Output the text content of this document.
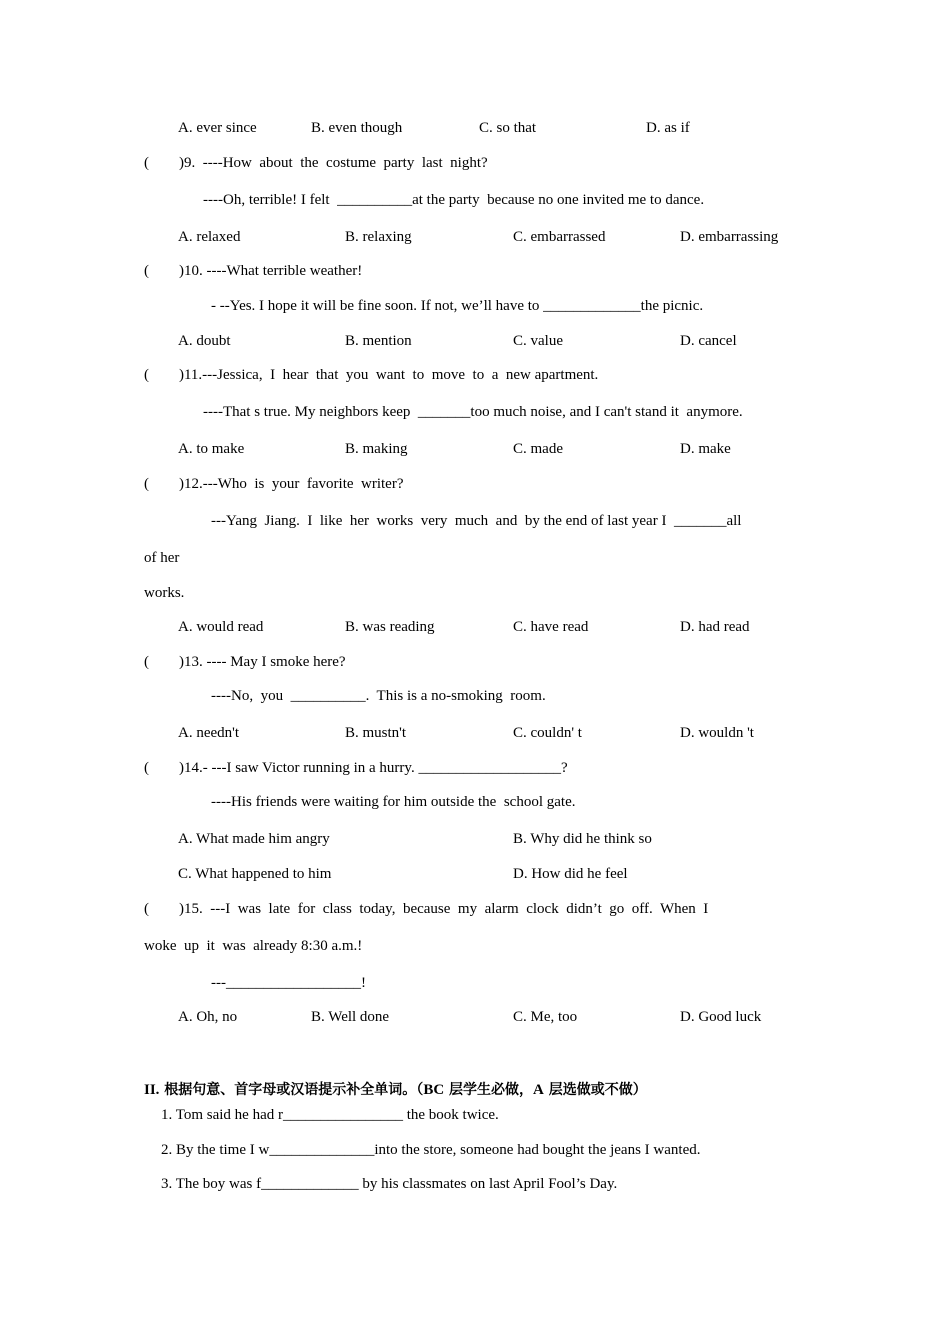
A. ever since	B. even though	C. so that	D. as if
(        )9.  ----How  about  the  costume  party  last  night?
----Oh, terrible! I felt  __________at the party  because no one invited me to dance.
A. relaxed	B. relaxing	C. embarrassed	D. embarrassing
(        )10. ----What terrible weather!
- --Yes. I hope it will be fine soon. If not, we’ll have to _____________the picnic.
A. doubt	B. mention	C. value	D. cancel
(        )11.---Jessica,  I  hear  that  you  want  to  move  to  a  new apartment.
----That s true. My neighbors keep  _______too much noise, and I can't stand it  anymore.
A. to make	B. making	C. made	D. make
(        )12.---Who  is  your  favorite  writer?
---Yang  Jiang.  I  like  her  works  very  much  and  by the end of last year I  _______all
of her
works.
A. would read	B. was reading	C. have read	D. had read
(        )13. ---- May I smoke here?
----No,  you  __________.  This is a no-smoking  room.
A. needn't	B. mustn't	C. couldn' t	D. wouldn 't
(        )14.- ---I saw Victor running in a hurry. ___________________?
----His friends were waiting for him outside the  school gate.
A. What made him angry	B. Why did he think so
C. What happened to him	D. How did he feel
(        )15.  ---I  was  late  for  class  today,  because  my  alarm  clock  didn’t  go  off.  When  I
woke  up  it  was  already 8:30 a.m.!
---__________________!
A. Oh, no	B. Well done	C. Me, too	D. Good luck
II. 根据句意、首字母或汉语提示补全单词。（BC 层学生必做，A 层选做或不做）
1. Tom said he had r________________ the book twice.
2. By the time I w______________into the store, someone had bought the jeans I wanted.
3. The boy was f_____________ by his classmates on last April Fool’s Day.
